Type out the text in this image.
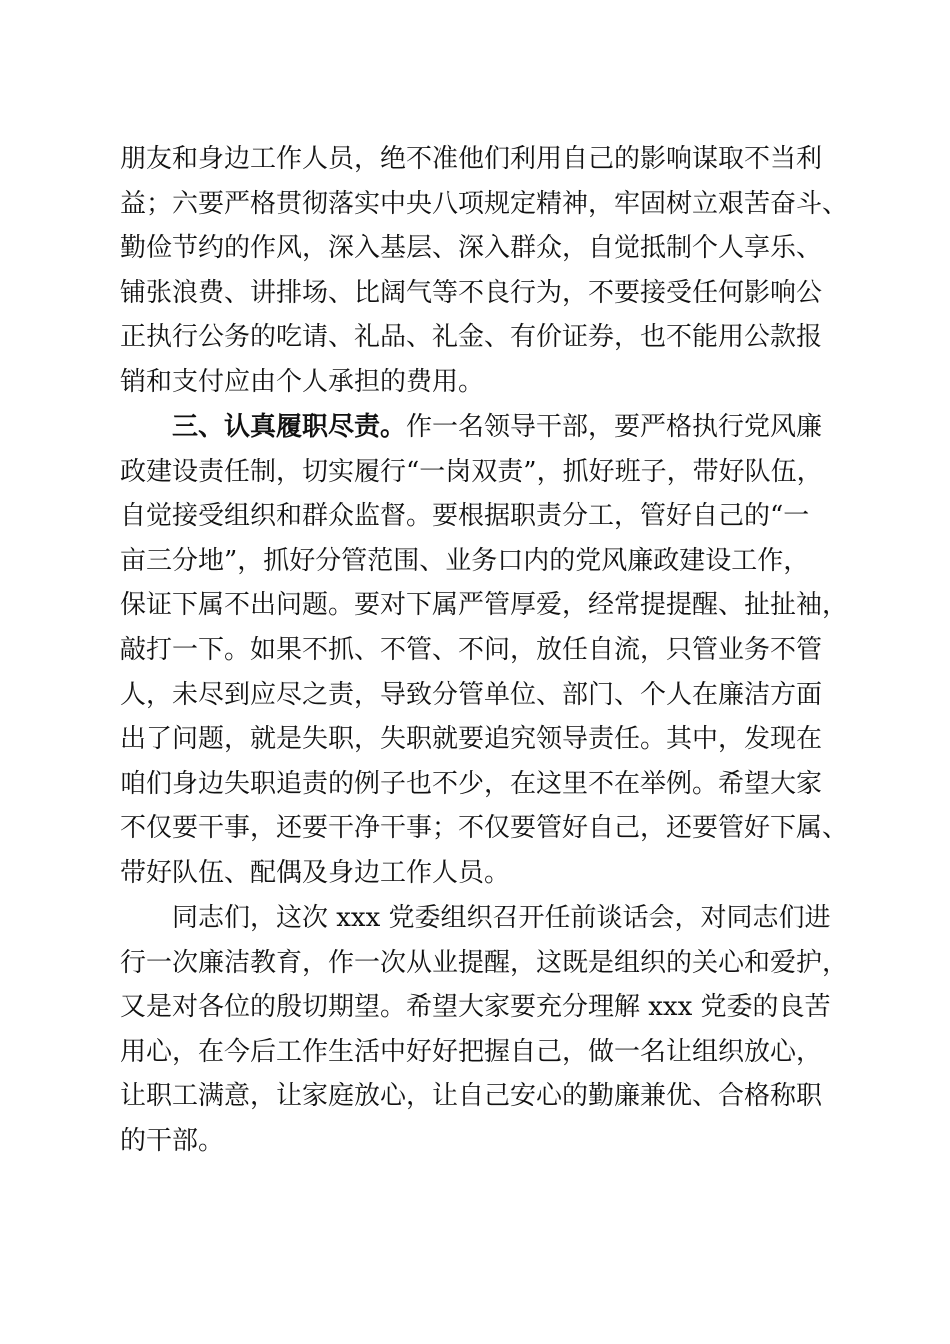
朋友和身边工作人员，绝不准他们利用自己的影响谋取不当利
益；六要严格贯彻落实中央八项规定精神，牢固树立艰苦奋斗、
勤俭节约的作风，深入基层、深入群众，自觉抵制个人享乐、
铺张浪费、讲排场、比阔气等不良行为，不要接受任何影响公
正执行公务的吃请、礼品、礼金、有价证券，也不能用公款报
销和支付应由个人承担的费用。
三、认真履职尽责。作一名领导干部，要严格执行党风廉
政建设责任制，切实履行“一岗双责”，抓好班子，带好队伍，
自觉接受组织和群众监督。要根据职责分工，管好自己的“一
亩三分地”，抓好分管范围、业务口内的党风廉政建设工作，
保证下属不出问题。要对下属严管厚爱，经常提提醒、扯扯袖，
敲打一下。如果不抓、不管、不问，放任自流，只管业务不管
人，未尽到应尽之责，导致分管单位、部门、个人在廉洁方面
出了问题，就是失职，失职就要追究领导责任。其中，发现在
咱们身边失职追责的例子也不少，在这里不在举例。希望大家
不仅要干事，还要干净干事；不仅要管好自己，还要管好下属、
带好队伍、配偶及身边工作人员。
同志们，这次 xxx 党委组织召开任前谈话会，对同志们进
行一次廉洁教育，作一次从业提醒，这既是组织的关心和爱护，
又是对各位的殷切期望。希望大家要充分理解 xxx 党委的良苦
用心，在今后工作生活中好好把握自己，做一名让组织放心，
让职工满意，让家庭放心，让自己安心的勤廉兼优、合格称职
的干部。
